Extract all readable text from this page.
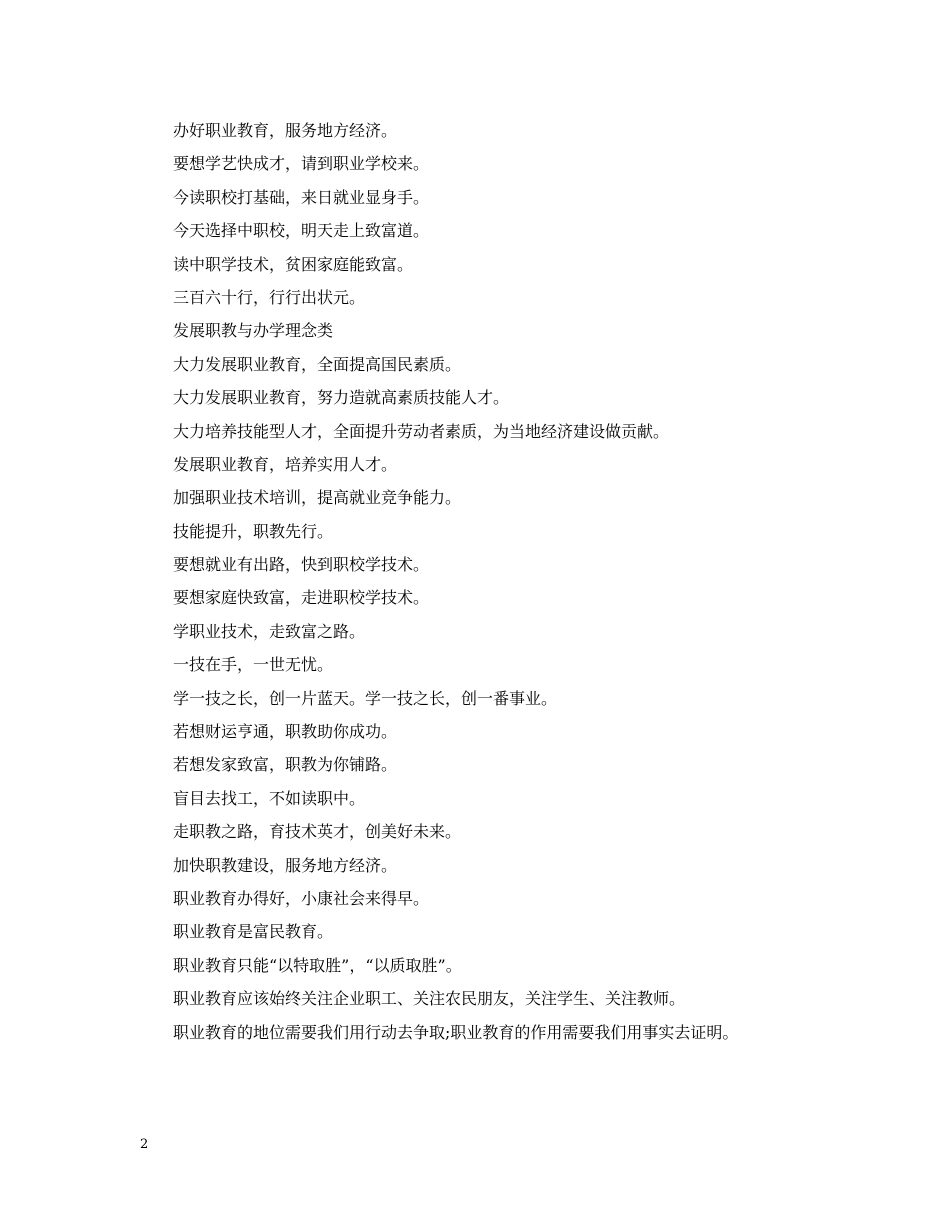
办好职业教育，服务地方经济。
要想学艺快成才，请到职业学校来。
今读职校打基础，来日就业显身手。
今天选择中职校，明天走上致富道。
读中职学技术，贫困家庭能致富。
三百六十行，行行出状元。
发展职教与办学理念类
大力发展职业教育，全面提高国民素质。
大力发展职业教育，努力造就高素质技能人才。
大力培养技能型人才，全面提升劳动者素质，为当地经济建设做贡献。
发展职业教育，培养实用人才。
加强职业技术培训，提高就业竞争能力。
技能提升，职教先行。
要想就业有出路，快到职校学技术。
要想家庭快致富，走进职校学技术。
学职业技术，走致富之路。
一技在手，一世无忧。
学一技之长，创一片蓝天。学一技之长，创一番事业。
若想财运亨通，职教助你成功。
若想发家致富，职教为你铺路。
盲目去找工，不如读职中。
走职教之路，育技术英才，创美好未来。
加快职教建设，服务地方经济。
职业教育办得好，小康社会来得早。
职业教育是富民教育。
职业教育只能“以特取胜”，“以质取胜”。
职业教育应该始终关注企业职工、关注农民朋友，关注学生、关注教师。
职业教育的地位需要我们用行动去争取;职业教育的作用需要我们用事实去证明。
2
